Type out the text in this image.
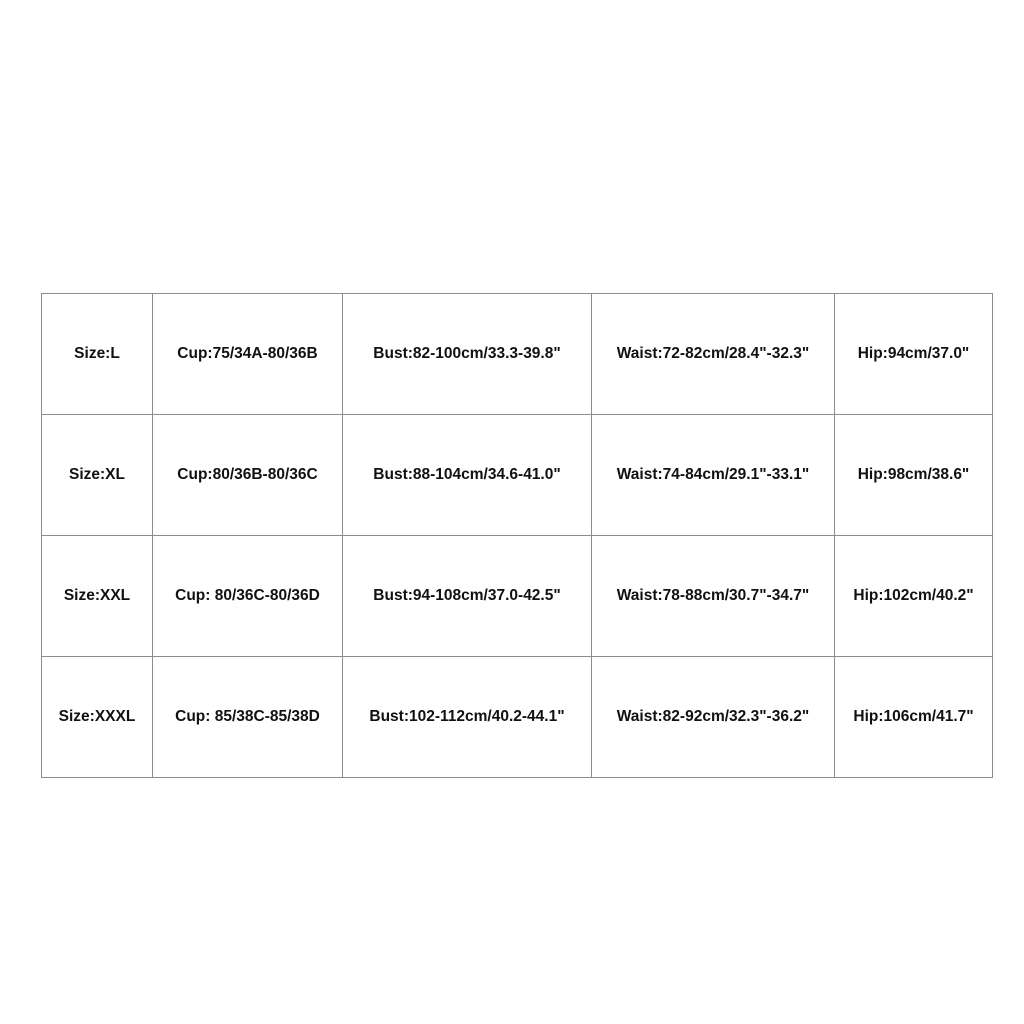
Size:L	Cup:75/34A-80/36B	Bust:82-100cm/33.3-39.8"	Waist:72-82cm/28.4"-32.3"	Hip:94cm/37.0"
Size:XL	Cup:80/36B-80/36C	Bust:88-104cm/34.6-41.0"	Waist:74-84cm/29.1"-33.1"	Hip:98cm/38.6"
Size:XXL	Cup: 80/36C-80/36D	Bust:94-108cm/37.0-42.5"	Waist:78-88cm/30.7"-34.7"	Hip:102cm/40.2"
Size:XXXL	Cup: 85/38C-85/38D	Bust:102-112cm/40.2-44.1"	Waist:82-92cm/32.3"-36.2"	Hip:106cm/41.7"
